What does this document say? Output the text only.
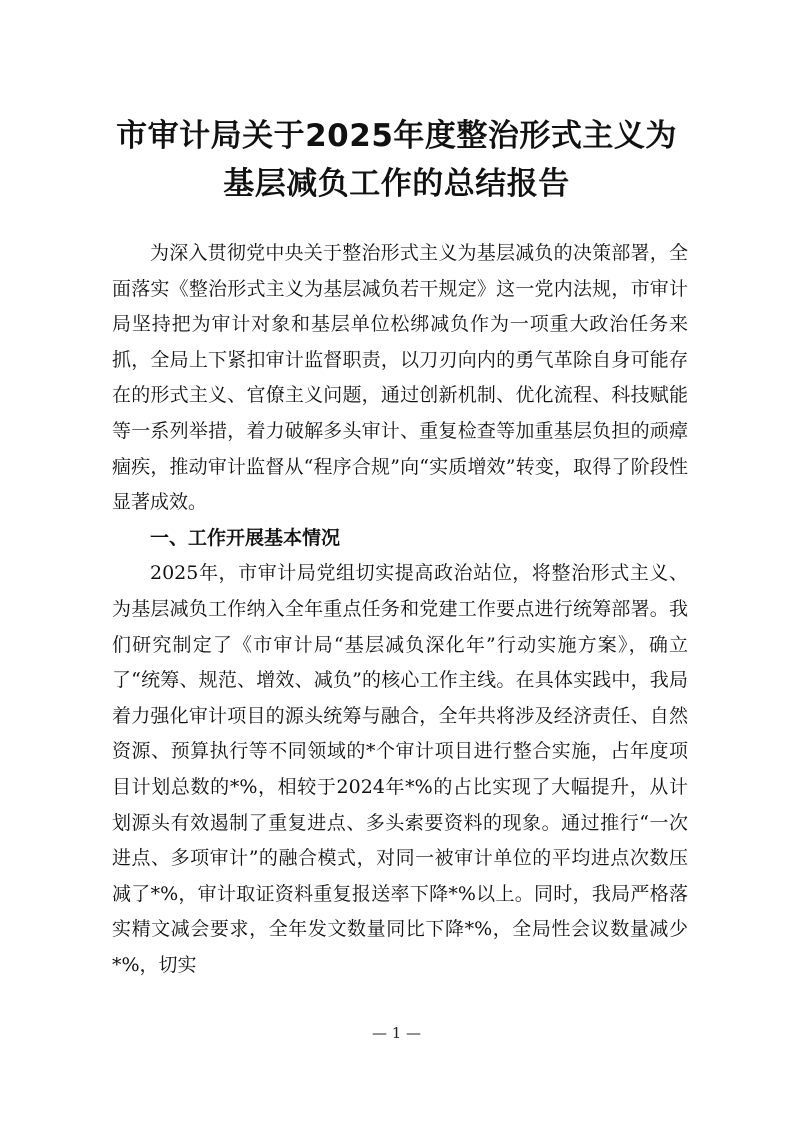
市审计局关于2025年度整治形式主义为
基层减负工作的总结报告

为深入贯彻党中央关于整治形式主义为基层减负的决策部署，全面落实《整治形式主义为基层减负若干规定》这一党内法规，市审计局坚持把为审计对象和基层单位松绑减负作为一项重大政治任务来抓，全局上下紧扣审计监督职责，以刀刃向内的勇气革除自身可能存在的形式主义、官僚主义问题，通过创新机制、优化流程、科技赋能等一系列举措，着力破解多头审计、重复检查等加重基层负担的顽瘴痼疾，推动审计监督从“程序合规”向“实质增效”转变，取得了阶段性显著成效。

一、工作开展基本情况

2025年，市审计局党组切实提高政治站位，将整治形式主义、为基层减负工作纳入全年重点任务和党建工作要点进行统筹部署。我们研究制定了《市审计局“基层减负深化年”行动实施方案》，确立了“统筹、规范、增效、减负”的核心工作主线。在具体实践中，我局着力强化审计项目的源头统筹与融合，全年共将涉及经济责任、自然资源、预算执行等不同领域的*个审计项目进行整合实施，占年度项目计划总数的*%，相较于2024年*%的占比实现了大幅提升，从计划源头有效遏制了重复进点、多头索要资料的现象。通过推行“一次进点、多项审计”的融合模式，对同一被审计单位的平均进点次数压减了*%，审计取证资料重复报送率下降*%以上。同时，我局严格落实精文减会要求，全年发文数量同比下降*%，全局性会议数量减少*%，切实

— 1 —
